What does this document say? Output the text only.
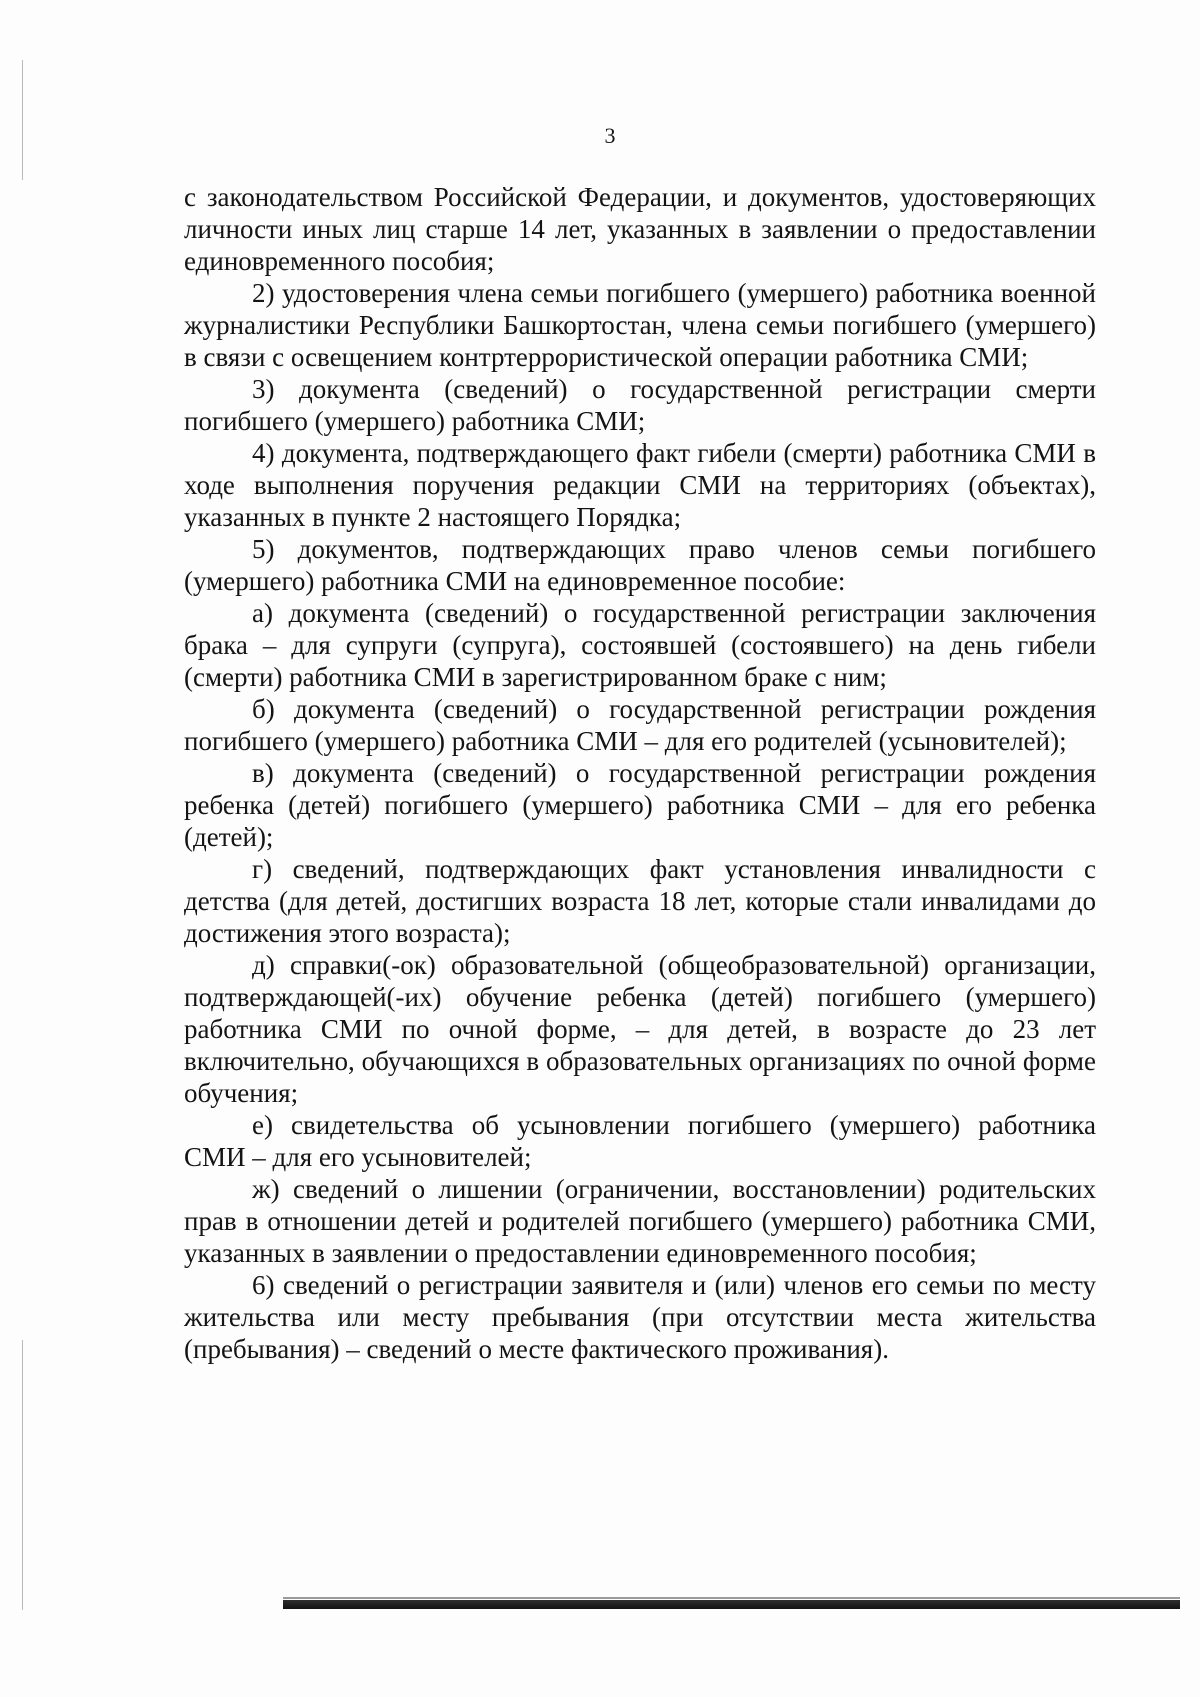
3

с законодательством Российской Федерации, и документов, удостоверяющих личности иных лиц старше 14 лет, указанных в заявлении о предоставлении единовременного пособия;

2) удостоверения члена семьи погибшего (умершего) работника военной журналистики Республики Башкортостан, члена семьи погибшего (умершего) в связи с освещением контртеррористической операции работника СМИ;

3) документа (сведений) о государственной регистрации смерти погибшего (умершего) работника СМИ;

4) документа, подтверждающего факт гибели (смерти) работника СМИ в ходе выполнения поручения редакции СМИ на территориях (объектах), указанных в пункте 2 настоящего Порядка;

5) документов, подтверждающих право членов семьи погибшего (умершего) работника СМИ на единовременное пособие:

а) документа (сведений) о государственной регистрации заключения брака – для супруги (супруга), состоявшей (состоявшего) на день гибели (смерти) работника СМИ в зарегистрированном браке с ним;

б) документа (сведений) о государственной регистрации рождения погибшего (умершего) работника СМИ – для его родителей (усыновителей);

в) документа (сведений) о государственной регистрации рождения ребенка (детей) погибшего (умершего) работника СМИ – для его ребенка (детей);

г) сведений, подтверждающих факт установления инвалидности с детства (для детей, достигших возраста 18 лет, которые стали инвалидами до достижения этого возраста);

д) справки(-ок) образовательной (общеобразовательной) организации, подтверждающей(-их) обучение ребенка (детей) погибшего (умершего) работника СМИ по очной форме, – для детей, в возрасте до 23 лет включительно, обучающихся в образовательных организациях по очной форме обучения;

е) свидетельства об усыновлении погибшего (умершего) работника СМИ – для его усыновителей;

ж) сведений о лишении (ограничении, восстановлении) родительских прав в отношении детей и родителей погибшего (умершего) работника СМИ, указанных в заявлении о предоставлении единовременного пособия;

6) сведений о регистрации заявителя и (или) членов его семьи по месту жительства или месту пребывания (при отсутствии места жительства (пребывания) – сведений о месте фактического проживания).
